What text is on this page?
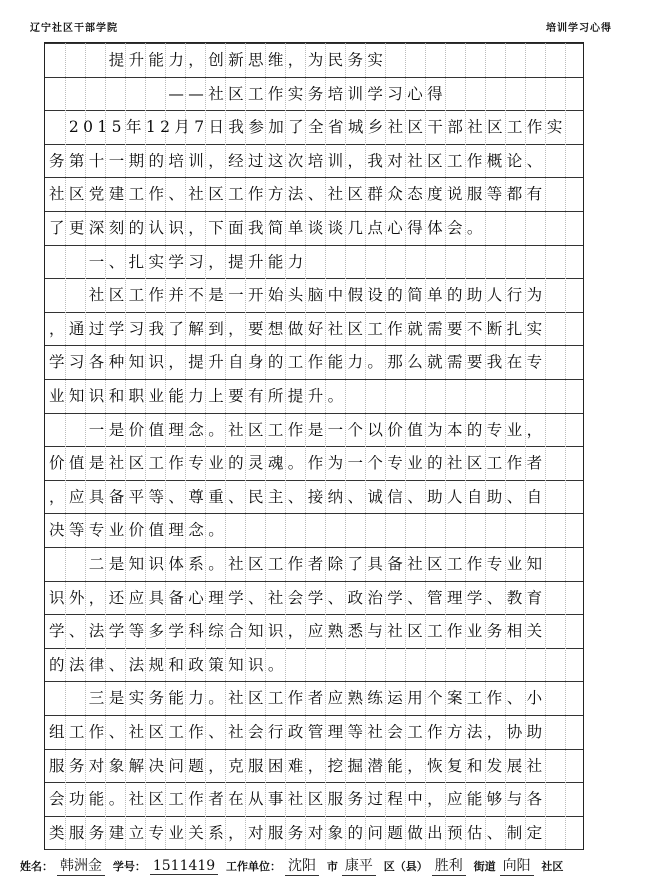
辽宁社区干部学院	培训学习心得
　　　提升能力，创新思维，为民务实
　　　　　　——社区工作实务培训学习心得
　2015年12月7日我参加了全省城乡社区干部社区工作实
务第十一期的培训，经过这次培训，我对社区工作概论、
社区党建工作、社区工作方法、社区群众态度说服等都有
了更深刻的认识，下面我简单谈谈几点心得体会。
　　一、扎实学习，提升能力
　　社区工作并不是一开始头脑中假设的简单的助人行为
，通过学习我了解到，要想做好社区工作就需要不断扎实
学习各种知识，提升自身的工作能力。那么就需要我在专
业知识和职业能力上要有所提升。
　　一是价值理念。社区工作是一个以价值为本的专业，
价值是社区工作专业的灵魂。作为一个专业的社区工作者
，应具备平等、尊重、民主、接纳、诚信、助人自助、自
决等专业价值理念。
　　二是知识体系。社区工作者除了具备社区工作专业知
识外，还应具备心理学、社会学、政治学、管理学、教育
学、法学等多学科综合知识，应熟悉与社区工作业务相关
的法律、法规和政策知识。
　　三是实务能力。社区工作者应熟练运用个案工作、小
组工作、社区工作、社会行政管理等社会工作方法，协助
服务对象解决问题，克服困难，挖掘潜能，恢复和发展社
会功能。社区工作者在从事社区服务过程中，应能够与各
类服务建立专业关系，对服务对象的问题做出预估、制定
姓名： 韩洲金 学号： 1511419 工作单位： 沈阳 市 康平 区（县） 胜利 街道 向阳 社区
